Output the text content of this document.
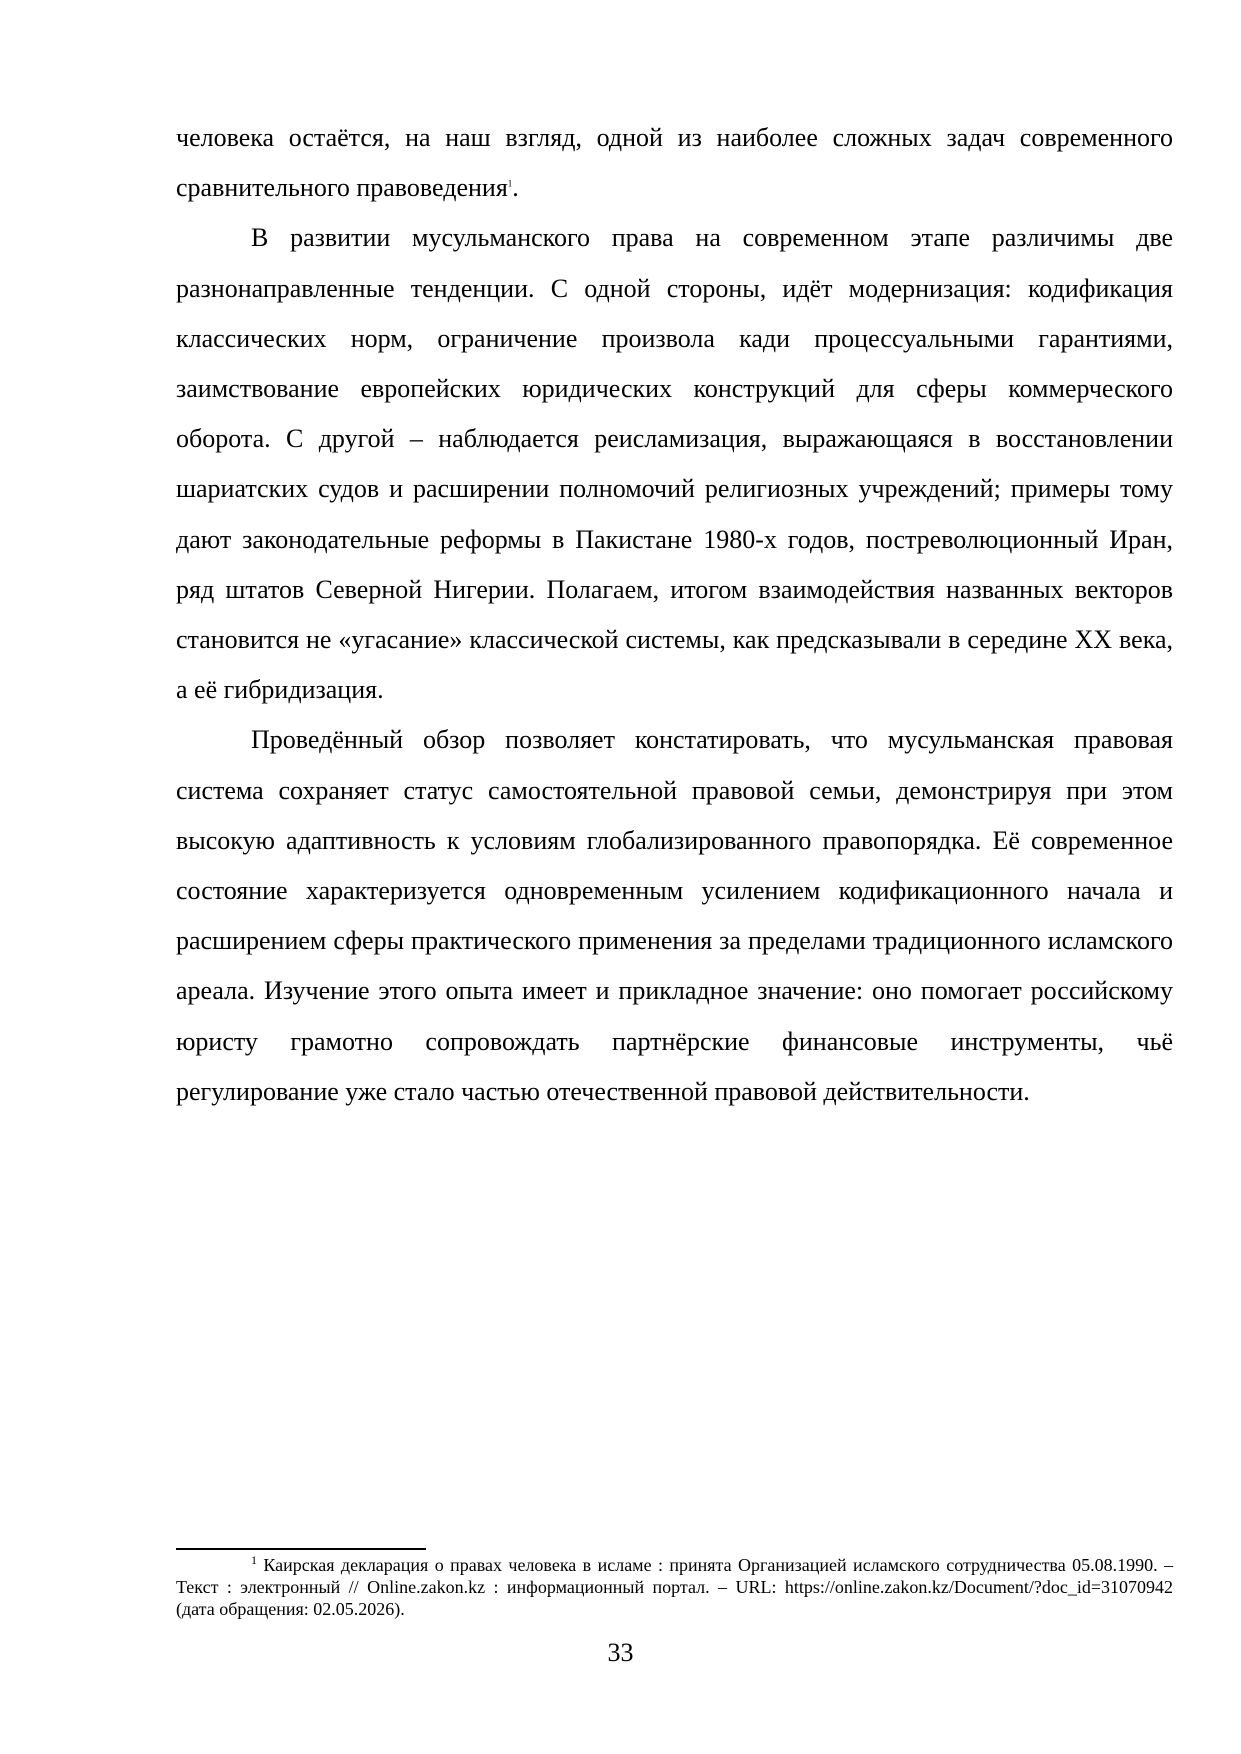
человека остаётся, на наш взгляд, одной из наиболее сложных задач современного сравнительного правоведения$^1$.

В развитии мусульманского права на современном этапе различимы две разнонаправленные тенденции. С одной стороны, идёт модернизация: кодификация классических норм, ограничение произвола кади процессуальными гарантиями, заимствование европейских юридических конструкций для сферы коммерческого оборота. С другой – наблюдается реисламизация, выражающаяся в восстановлении шариатских судов и расширении полномочий религиозных учреждений; примеры тому дают законодательные реформы в Пакистане 1980-х годов, постреволюционный Иран, ряд штатов Северной Нигерии. Полагаем, итогом взаимодействия названных векторов становится не «угасание» классической системы, как предсказывали в середине XX века, а её гибридизация.

Проведённый обзор позволяет констатировать, что мусульманская правовая система сохраняет статус самостоятельной правовой семьи, демонстрируя при этом высокую адаптивность к условиям глобализированного правопорядка. Её современное состояние характеризуется одновременным усилением кодификационного начала и расширением сферы практического применения за пределами традиционного исламского ареала. Изучение этого опыта имеет и прикладное значение: оно помогает российскому юристу грамотно сопровождать партнёрские финансовые инструменты, чьё регулирование уже стало частью отечественной правовой действительности.

$^1$ Каирская декларация о правах человека в исламе : принята Организацией исламского сотрудничества 05.08.1990. – Текст : электронный // Online.zakon.kz : информационный портал. – URL: https://online.zakon.kz/Document/?doc_id=31070942 (дата обращения: 02.05.2026).

33
